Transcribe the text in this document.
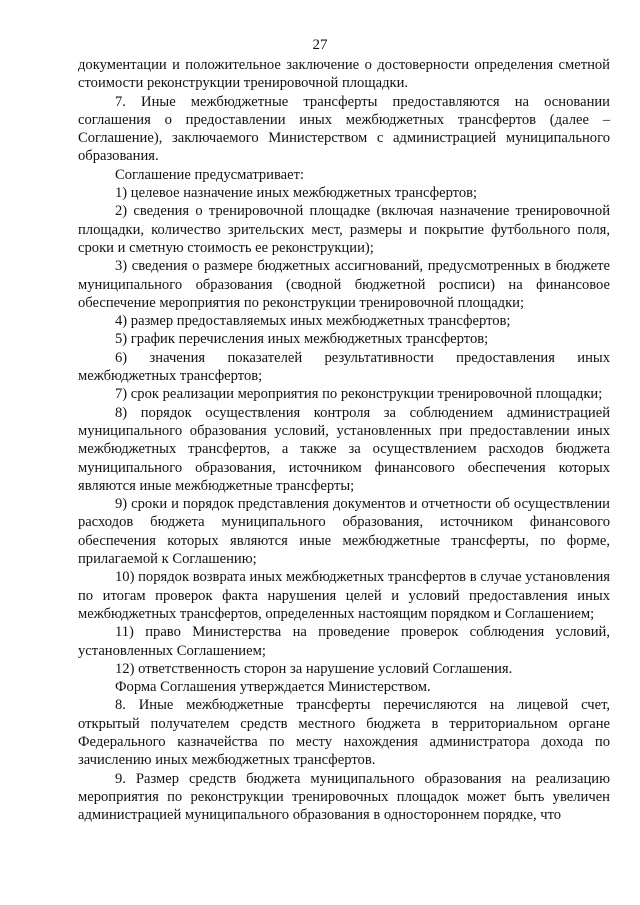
27

документации и положительное заключение о достоверности определения сметной стоимости реконструкции тренировочной площадки.

7. Иные межбюджетные трансферты предоставляются на основании соглашения о предоставлении иных межбюджетных трансфертов (далее – Соглашение), заключаемого Министерством с администрацией муниципального образования.

Соглашение предусматривает:

1) целевое назначение иных межбюджетных трансфертов;

2) сведения о тренировочной площадке (включая назначение тренировочной площадки, количество зрительских мест, размеры и покрытие футбольного поля, сроки и сметную стоимость ее реконструкции);

3) сведения о размере бюджетных ассигнований, предусмотренных в бюджете муниципального образования (сводной бюджетной росписи) на финансовое обеспечение мероприятия по реконструкции тренировочной площадки;

4) размер предоставляемых иных межбюджетных трансфертов;

5) график перечисления иных межбюджетных трансфертов;

6) значения показателей результативности предоставления иных межбюджетных трансфертов;

7) срок реализации мероприятия по реконструкции тренировочной площадки;

8) порядок осуществления контроля за соблюдением администрацией муниципального образования условий, установленных при предоставлении иных межбюджетных трансфертов, а также за осуществлением расходов бюджета муниципального образования, источником финансового обеспечения которых являются иные межбюджетные трансферты;

9) сроки и порядок представления документов и отчетности об осуществлении расходов бюджета муниципального образования, источником финансового обеспечения которых являются иные межбюджетные трансферты, по форме, прилагаемой к Соглашению;

10) порядок возврата иных межбюджетных трансфертов в случае установления по итогам проверок факта нарушения целей и условий предоставления иных межбюджетных трансфертов, определенных настоящим порядком и Соглашением;

11) право Министерства на проведение проверок соблюдения условий, установленных Соглашением;

12) ответственность сторон за нарушение условий Соглашения.

Форма Соглашения утверждается Министерством.

8. Иные межбюджетные трансферты перечисляются на лицевой счет, открытый получателем средств местного бюджета в территориальном органе Федерального казначейства по месту нахождения администратора дохода по зачислению иных межбюджетных трансфертов.

9. Размер средств бюджета муниципального образования на реализацию мероприятия по реконструкции тренировочных площадок может быть увеличен администрацией муниципального образования в одностороннем порядке, что
